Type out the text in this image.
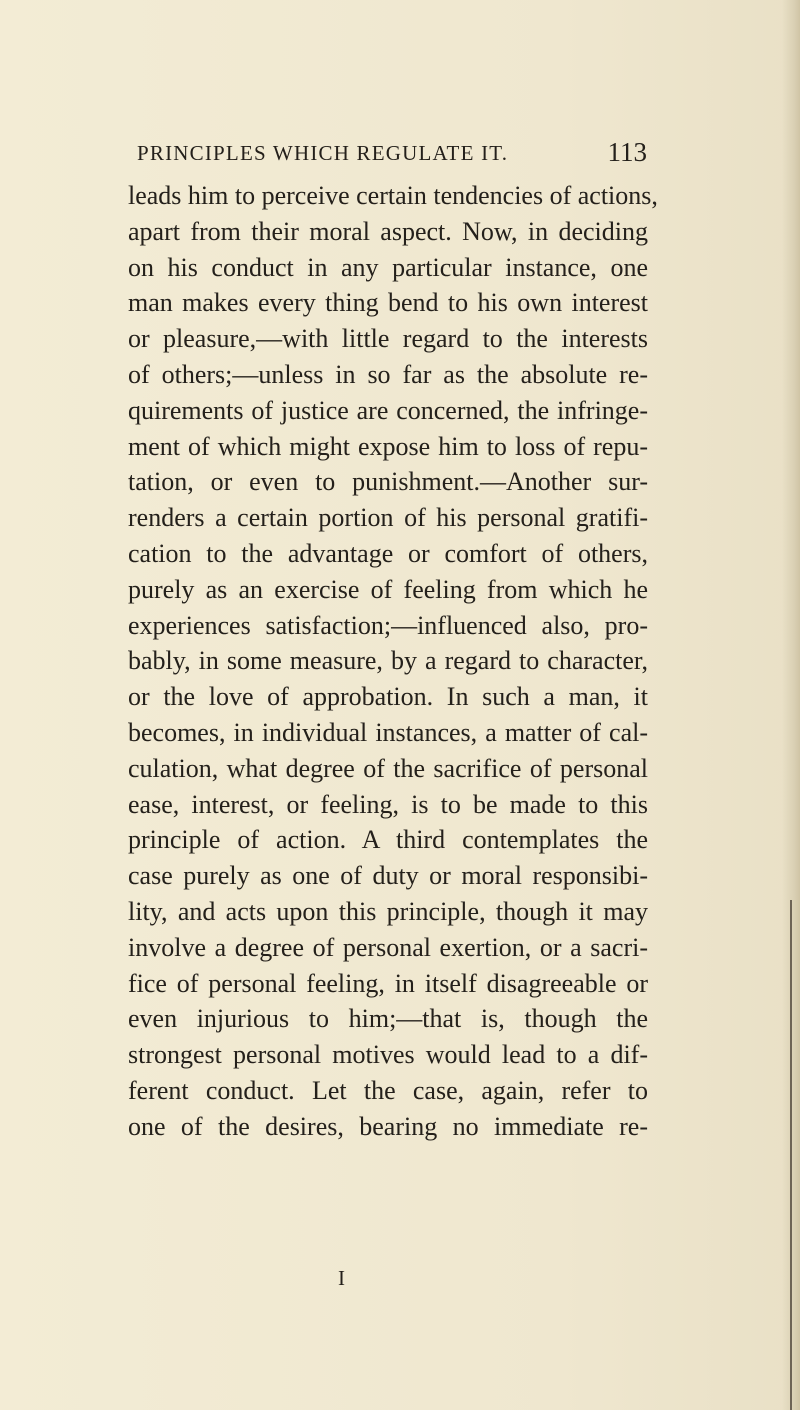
PRINCIPLES WHICH REGULATE IT.	113
leads him to perceive certain tendencies of actions,
apart from their moral aspect. Now, in deciding
on his conduct in any particular instance, one
man makes every thing bend to his own interest
or pleasure,—with little regard to the interests
of others;—unless in so far as the absolute re-
quirements of justice are concerned, the infringe-
ment of which might expose him to loss of repu-
tation, or even to punishment.—Another sur-
renders a certain portion of his personal gratifi-
cation to the advantage or comfort of others,
purely as an exercise of feeling from which he
experiences satisfaction;—influenced also, pro-
bably, in some measure, by a regard to character,
or the love of approbation. In such a man, it
becomes, in individual instances, a matter of cal-
culation, what degree of the sacrifice of personal
ease, interest, or feeling, is to be made to this
principle of action. A third contemplates the
case purely as one of duty or moral responsibi-
lity, and acts upon this principle, though it may
involve a degree of personal exertion, or a sacri-
fice of personal feeling, in itself disagreeable or
even injurious to him;—that is, though the
strongest personal motives would lead to a dif-
ferent conduct. Let the case, again, refer to
one of the desires, bearing no immediate re-
I
